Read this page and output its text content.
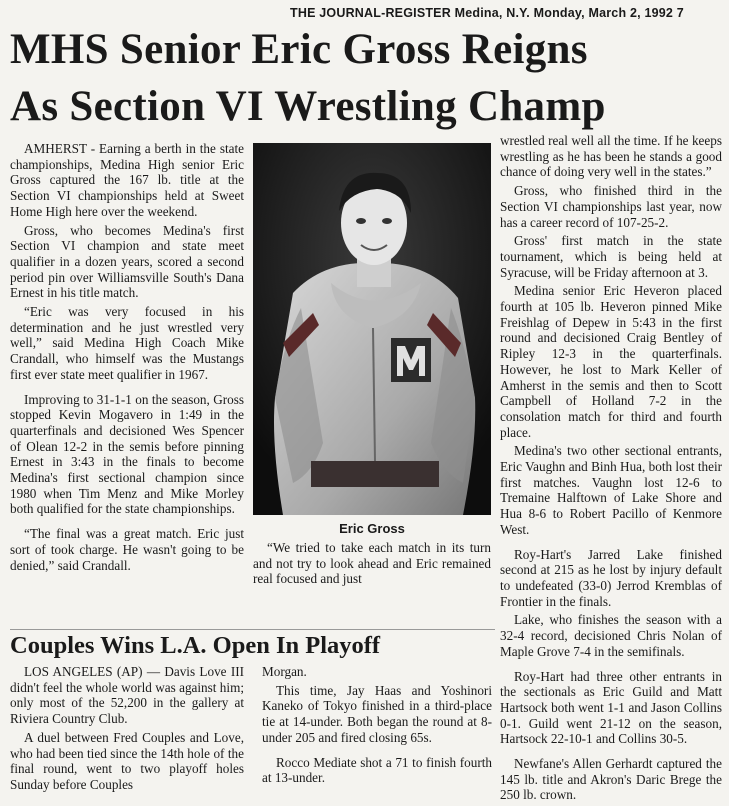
THE JOURNAL-REGISTER Medina, N.Y. Monday, March 2, 1992 7
MHS Senior Eric Gross Reigns
As Section VI Wrestling Champ

AMHERST - Earning a berth in the state championships, Medina High senior Eric Gross captured the 167 lb. title at the Section VI championships held at Sweet Home High here over the weekend.

Gross, who becomes Medina's first Section VI champion and state meet qualifier in a dozen years, scored a second period pin over Williamsville South's Dana Ernest in his title match.

“Eric was very focused in his determination and he just wrestled very well,” said Medina High Coach Mike Crandall, who himself was the Mustangs first ever state meet qualifier in 1967.

Improving to 31-1-1 on the season, Gross stopped Kevin Mogavero in 1:49 in the quarterfinals and decisioned Wes Spencer of Olean 12-2 in the semis before pinning Ernest in 3:43 in the finals to become Medina's first sectional champion since 1980 when Tim Menz and Mike Morley both qualified for the state championships.

“The final was a great match. Eric just sort of took charge. He wasn't going to be denied,” said Crandall.

Eric Gross

“We tried to take each match in its turn and not try to look ahead and Eric remained real focused and just

wrestled real well all the time. If he keeps wrestling as he has been he stands a good chance of doing very well in the states.”

Gross, who finished third in the Section VI championships last year, now has a career record of 107-25-2.

Gross' first match in the state tournament, which is being held at Syracuse, will be Friday afternoon at 3.

Medina senior Eric Heveron placed fourth at 105 lb. Heveron pinned Mike Freishlag of Depew in 5:43 in the first round and decisioned Craig Bentley of Ripley 12-3 in the quarterfinals. However, he lost to Mark Keller of Amherst in the semis and then to Scott Campbell of Holland 7-2 in the consolation match for third and fourth place.

Medina's two other sectional entrants, Eric Vaughn and Binh Hua, both lost their first matches. Vaughn lost 12-6 to Tremaine Halftown of Lake Shore and Hua 8-6 to Robert Pacillo of Kenmore West.

Roy-Hart's Jarred Lake finished second at 215 as he lost by injury default to undefeated (33-0) Jerrod Kremblas of Frontier in the finals.

Lake, who finishes the season with a 32-4 record, decisioned Chris Nolan of Maple Grove 7-4 in the semifinals.

Roy-Hart had three other entrants in the sectionals as Eric Guild and Matt Hartsock both went 1-1 and Jason Collins 0-1. Guild went 21-12 on the season, Hartsock 22-10-1 and Collins 30-5.

Newfane's Allen Gerhardt captured the 145 lb. title and Akron's Daric Brege the 250 lb. crown.

Couples Wins L.A. Open In Playoff

LOS ANGELES (AP) — Davis Love III didn't feel the whole world was against him; only most of the 52,200 in the gallery at Riviera Country Club.

A duel between Fred Couples and Love, who had been tied since the 14th hole of the final round, went to two playoff holes Sunday before Couples

Morgan.

This time, Jay Haas and Yoshinori Kaneko of Tokyo finished in a third-place tie at 14-under. Both began the round at 8-under 205 and fired closing 65s.

Rocco Mediate shot a 71 to finish fourth at 13-under.
